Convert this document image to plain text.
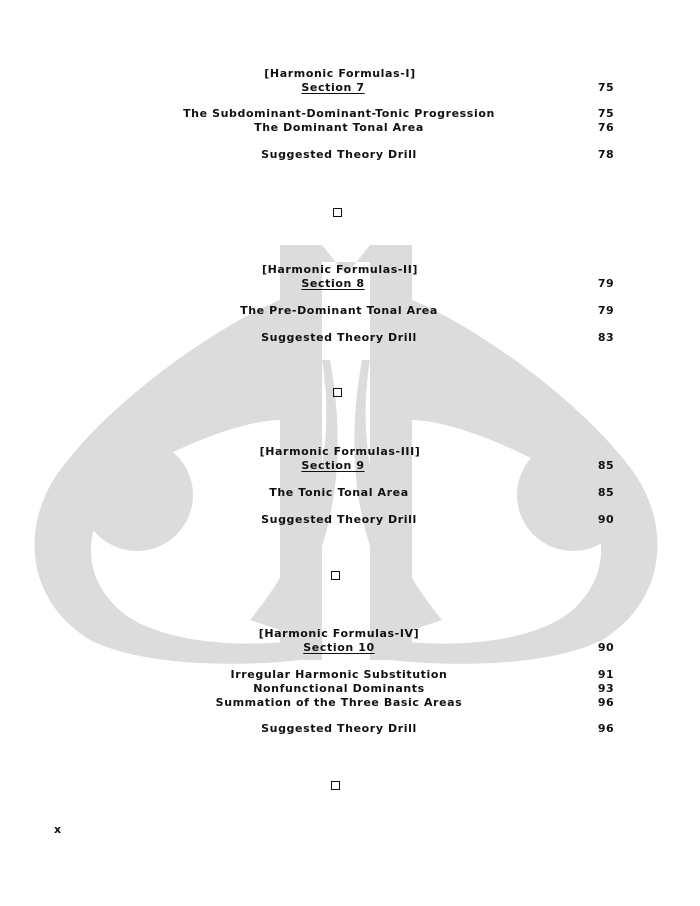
[Harmonic Formulas-I]
Section 7	75
The Subdominant-Dominant-Tonic Progression	75
The Dominant Tonal Area	76
Suggested Theory Drill	78
[Harmonic Formulas-II]
Section 8	79
The Pre-Dominant Tonal Area	79
Suggested Theory Drill	83
[Harmonic Formulas-III]
Section 9	85
The Tonic Tonal Area	85
Suggested Theory Drill	90
[Harmonic Formulas-IV]
Section 10	90
Irregular Harmonic Substitution	91
Nonfunctional Dominants	93
Summation of the Three Basic Areas	96
Suggested Theory Drill	96
x
